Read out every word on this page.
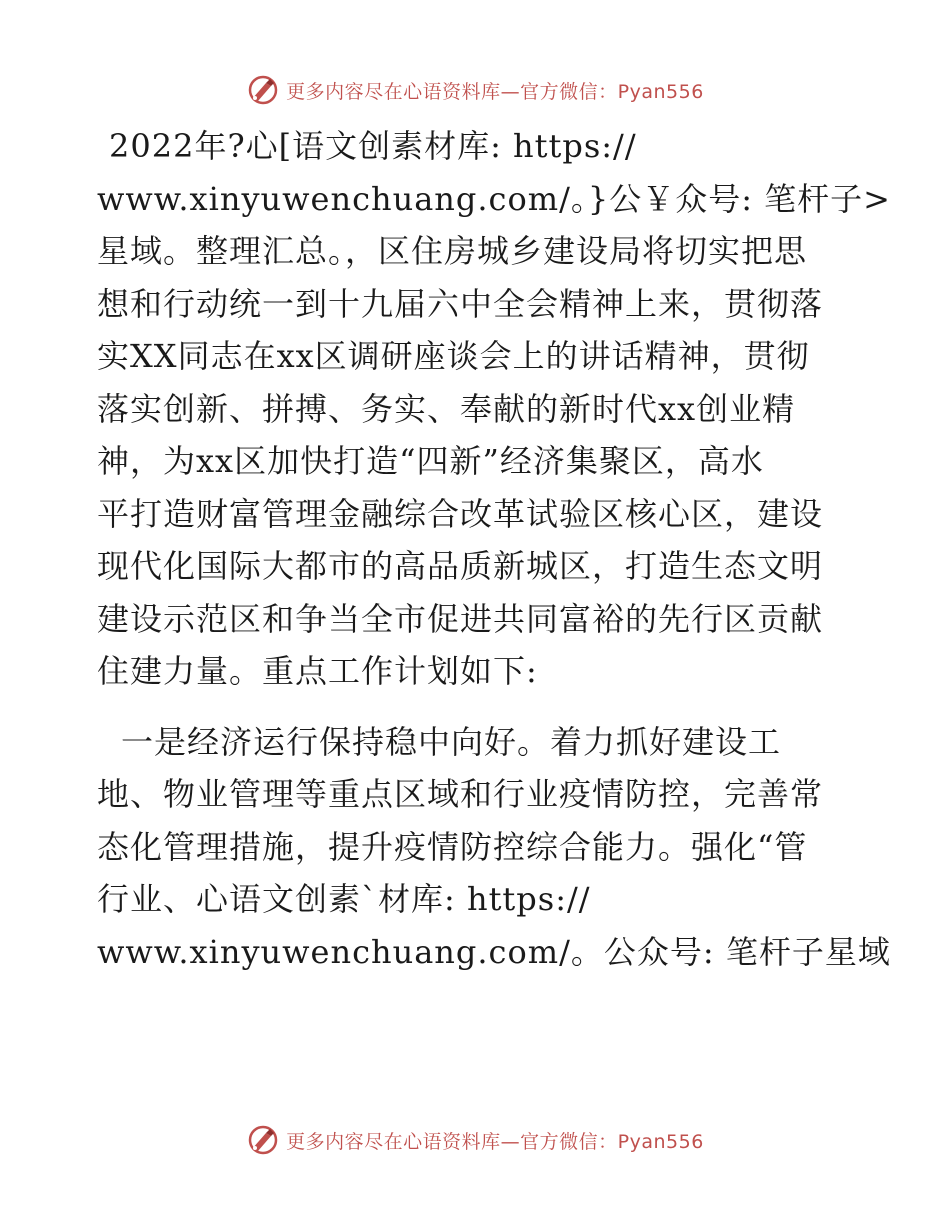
更多内容尽在心语资料库—官方微信：Pyan556

2022年?心[语文创素材库: https://
www.xinyuwenchuang.com/。}公￥众号: 笔杆子>
星域。整理汇总。，区住房城乡建设局将切实把思
想和行动统一到十九届六中全会精神上来，贯彻落
实XX同志在xx区调研座谈会上的讲话精神，贯彻
落实创新、拼搏、务实、奉献的新时代xx创业精
神，为xx区加快打造“四新”经济集聚区，高水
平打造财富管理金融综合改革试验区核心区，建设
现代化国际大都市的高品质新城区，打造生态文明
建设示范区和争当全市促进共同富裕的先行区贡献
住建力量。重点工作计划如下:

一是经济运行保持稳中向好。着力抓好建设工
地、物业管理等重点区域和行业疫情防控，完善常
态化管理措施，提升疫情防控综合能力。强化“管
行业、心语文创素`材库: https://
www.xinyuwenchuang.com/。公众号: 笔杆子星域

更多内容尽在心语资料库—官方微信：Pyan556
